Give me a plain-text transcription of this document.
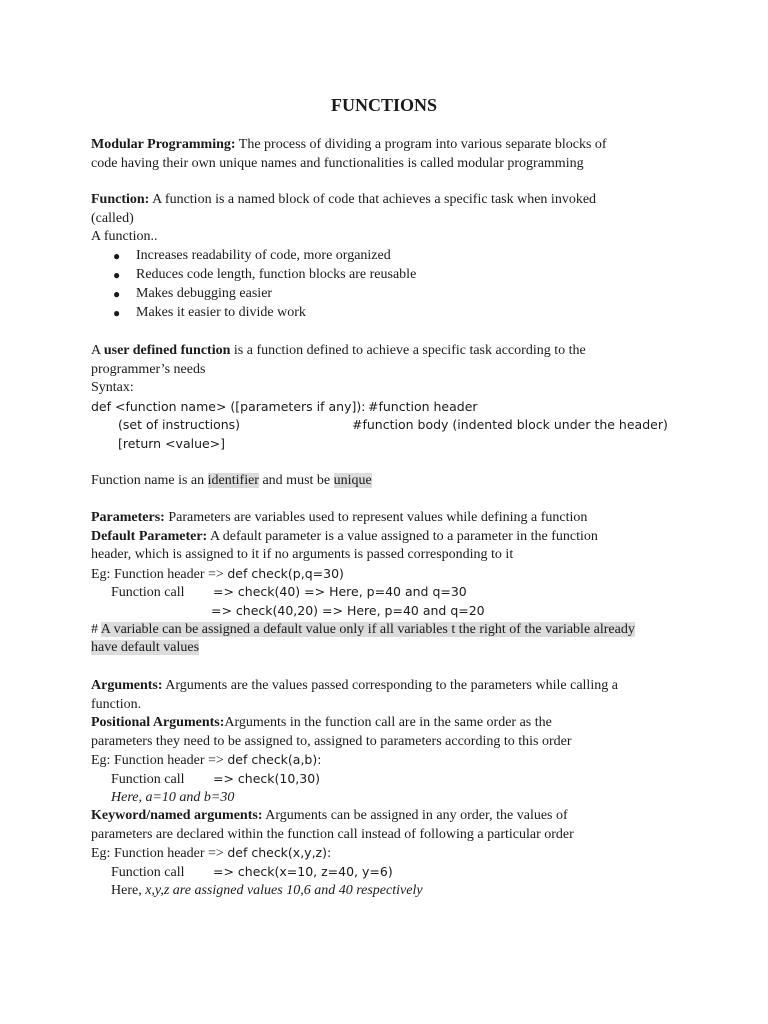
FUNCTIONS
Modular Programming: The process of dividing a program into various separate blocks of
code having their own unique names and functionalities is called modular programming
Function: A function is a named block of code that achieves a specific task when invoked
(called)
A function..
● Increases readability of code, more organized
● Reduces code length, function blocks are reusable
● Makes debugging easier
● Makes it easier to divide work
A user defined function is a function defined to achieve a specific task according to the
programmer’s needs
Syntax:
def <function name> ([parameters if any]): #function header
(set of instructions)	#function body (indented block under the header)
[return <value>]
Function name is an identifier and must be unique
Parameters: Parameters are variables used to represent values while defining a function
Default Parameter: A default parameter is a value assigned to a parameter in the function
header, which is assigned to it if no arguments is passed corresponding to it
Eg: Function header => def check(p,q=30)
Function call => check(40) => Here, p=40 and q=30
=> check(40,20) => Here, p=40 and q=20
# A variable can be assigned a default value only if all variables t the right of the variable already
have default values
Arguments: Arguments are the values passed corresponding to the parameters while calling a
function.
Positional Arguments:Arguments in the function call are in the same order as the
parameters they need to be assigned to, assigned to parameters according to this order
Eg: Function header => def check(a,b):
Function call => check(10,30)
Here, a=10 and b=30
Keyword/named arguments: Arguments can be assigned in any order, the values of
parameters are declared within the function call instead of following a particular order
Eg: Function header => def check(x,y,z):
Function call => check(x=10, z=40, y=6)
Here, x,y,z are assigned values 10,6 and 40 respectively
